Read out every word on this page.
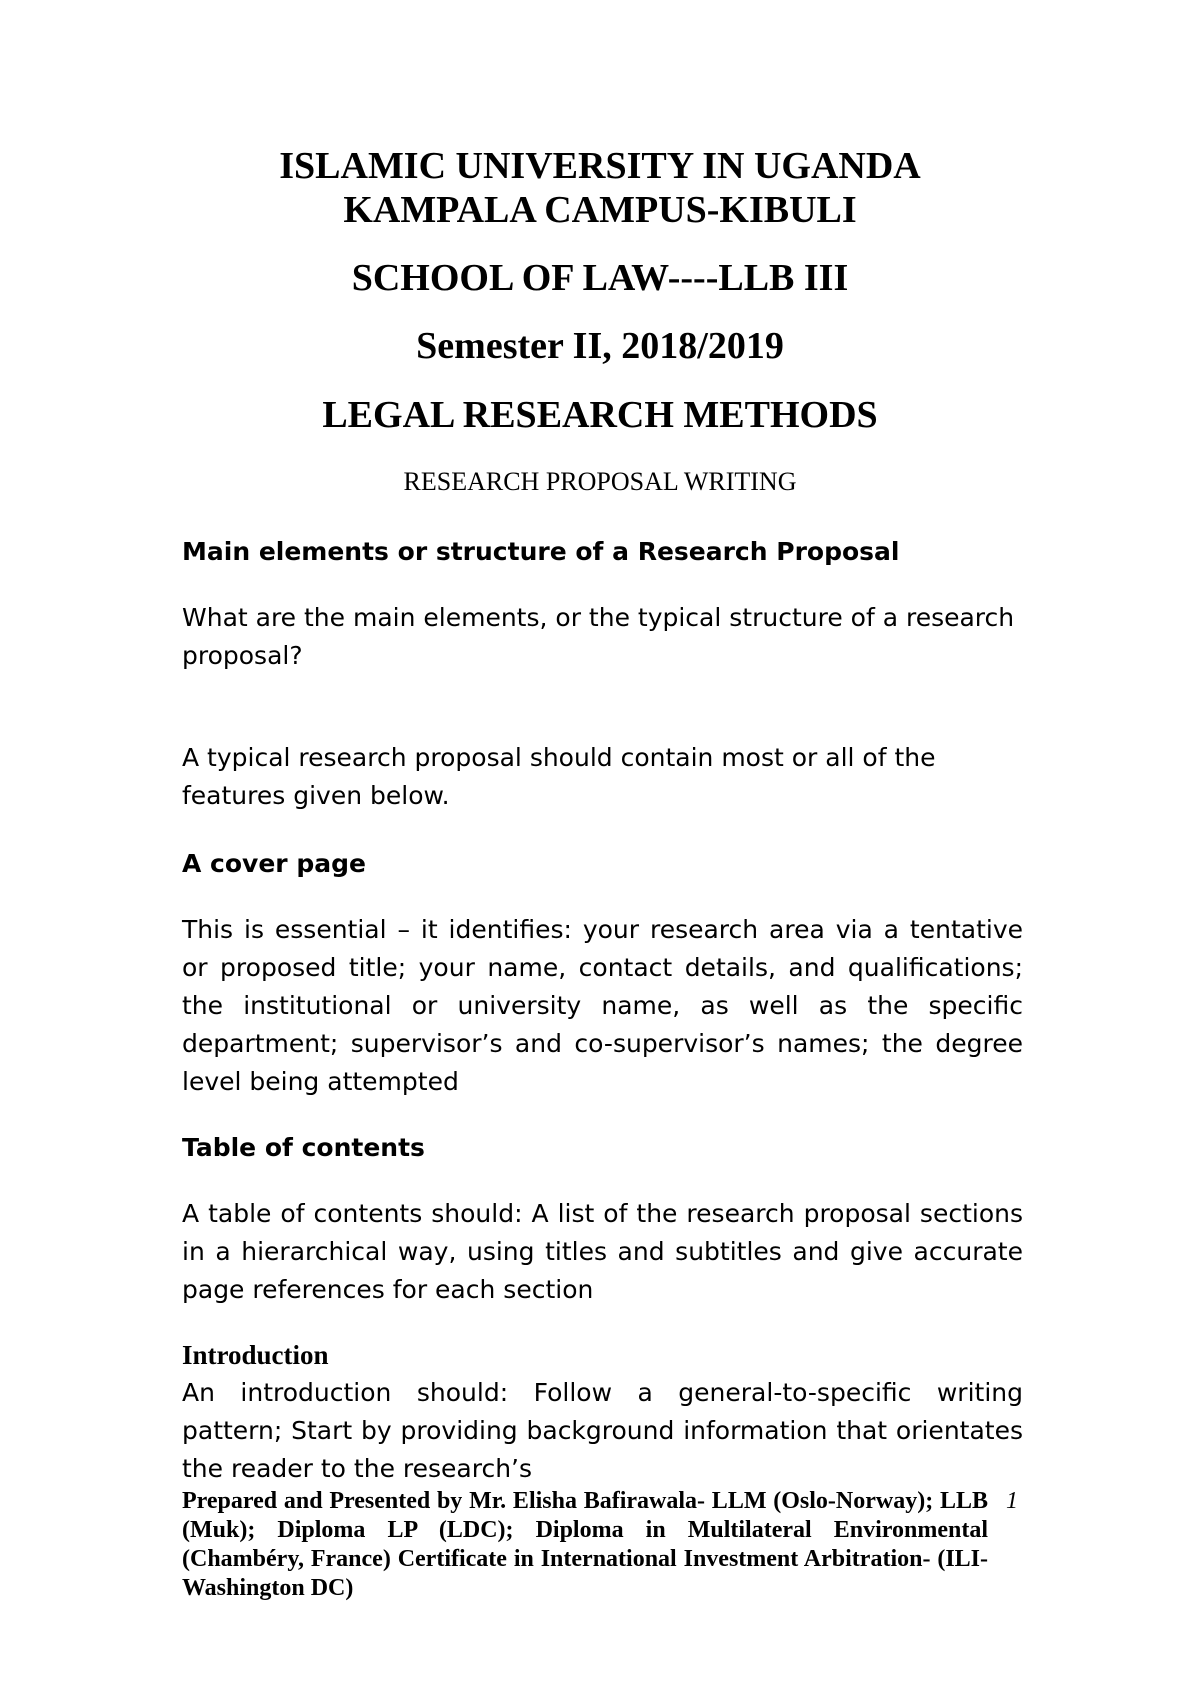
ISLAMIC UNIVERSITY IN UGANDA
KAMPALA CAMPUS-KIBULI
SCHOOL OF LAW----LLB III
Semester II, 2018/2019
LEGAL RESEARCH METHODS
RESEARCH PROPOSAL WRITING
Main elements or structure of a Research Proposal
What are the main elements, or the typical structure of a research proposal?
A typical research proposal should contain most or all of the features given below.
A cover page
This is essential – it identifies: your research area via a tentative or proposed title; your name, contact details, and qualifications; the institutional or university name, as well as the specific department; supervisor’s and co-supervisor’s names; the degree level being attempted
Table of contents
A table of contents should: A list of the research proposal sections in a hierarchical way, using titles and subtitles and give accurate page references for each section
Introduction
An introduction should: Follow a general-to-specific writing pattern; Start by providing background information that orientates the reader to the research’s
Prepared and Presented by Mr. Elisha Bafirawala- LLM (Oslo-Norway); LLB (Muk); Diploma LP (LDC); Diploma in Multilateral Environmental (Chambéry, France) Certificate in International Investment Arbitration- (ILI-Washington DC)
1
